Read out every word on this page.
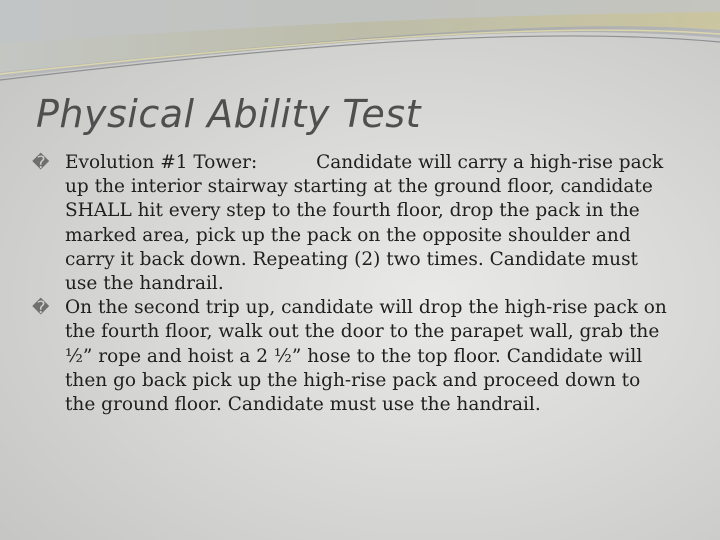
Physical Ability Test
� Evolution #1 Tower:          Candidate will carry a high-rise pack up the interior stairway starting at the ground floor, candidate SHALL hit every step to the fourth floor, drop the pack in the marked area, pick up the pack on the opposite shoulder and carry it back down. Repeating (2) two times. Candidate must use the handrail.
� On the second trip up, candidate will drop the high-rise pack on the fourth floor, walk out the door to the parapet wall, grab the ½” rope and hoist a 2 ½” hose to the top floor. Candidate will then go back pick up the high-rise pack and proceed down to the ground floor. Candidate must use the handrail.
